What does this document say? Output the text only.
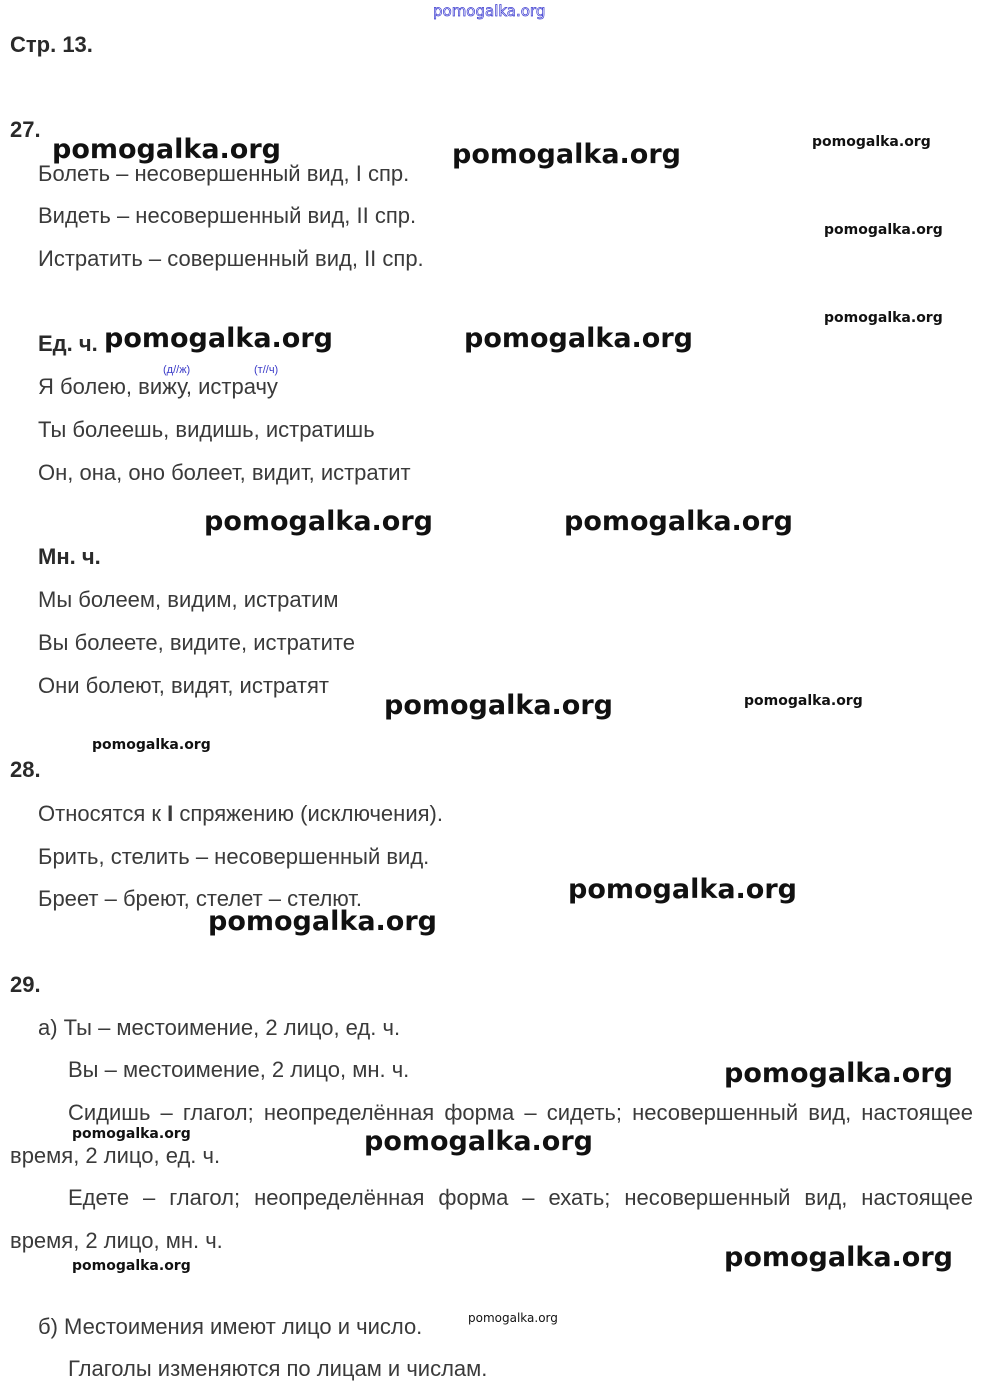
pomogalka.org
Стр. 13.
27.
Болеть – несовершенный вид, I спр.
Видеть – несовершенный вид, II спр.
Истратить – совершенный вид, II спр.
Ед. ч.
(д//ж)	(т//ч)
Я болею, вижу, истрачу
Ты болеешь, видишь, истратишь
Он, она, оно болеет, видит, истратит
Мн. ч.
Мы болеем, видим, истратим
Вы болеете, видите, истратите
Они болеют, видят, истратят
28.
Относятся к I спряжению (исключения).
Брить, стелить – несовершенный вид.
Бреет – бреют, стелет – стелют.
29.
а) Ты – местоимение, 2 лицо, ед. ч.
Вы – местоимение, 2 лицо, мн. ч.
Сидишь – глагол; неопределённая форма – сидеть; несовершенный вид, настоящее время, 2 лицо, ед. ч.
Едете – глагол; неопределённая форма – ехать; несовершенный вид, настоящее время, 2 лицо, мн. ч.
б) Местоимения имеют лицо и число.
Глаголы изменяются по лицам и числам.
pomogalka.org	pomogalka.org
pomogalka.org	pomogalka.org
pomogalka.org	pomogalka.org
pomogalka.org
pomogalka.org
pomogalka.org
pomogalka.org
pomogalka.org
pomogalka.org
pomogalka.org
pomogalka.org
pomogalka.org
pomogalka.org
pomogalka.org
pomogalka.org
pomogalka.org
pomogalka.org
